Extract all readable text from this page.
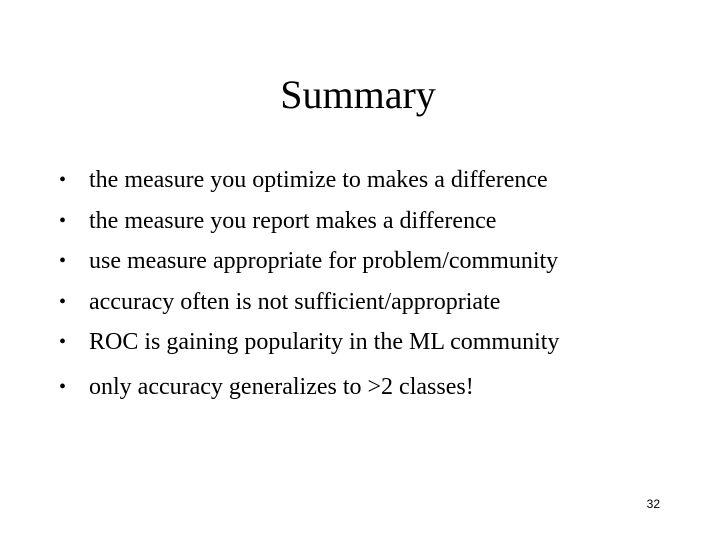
Summary
• the measure you optimize to makes a difference
• the measure you report makes a difference
• use measure appropriate for problem/community
• accuracy often is not sufficient/appropriate
• ROC is gaining popularity in the ML community
• only accuracy generalizes to >2 classes!
32
